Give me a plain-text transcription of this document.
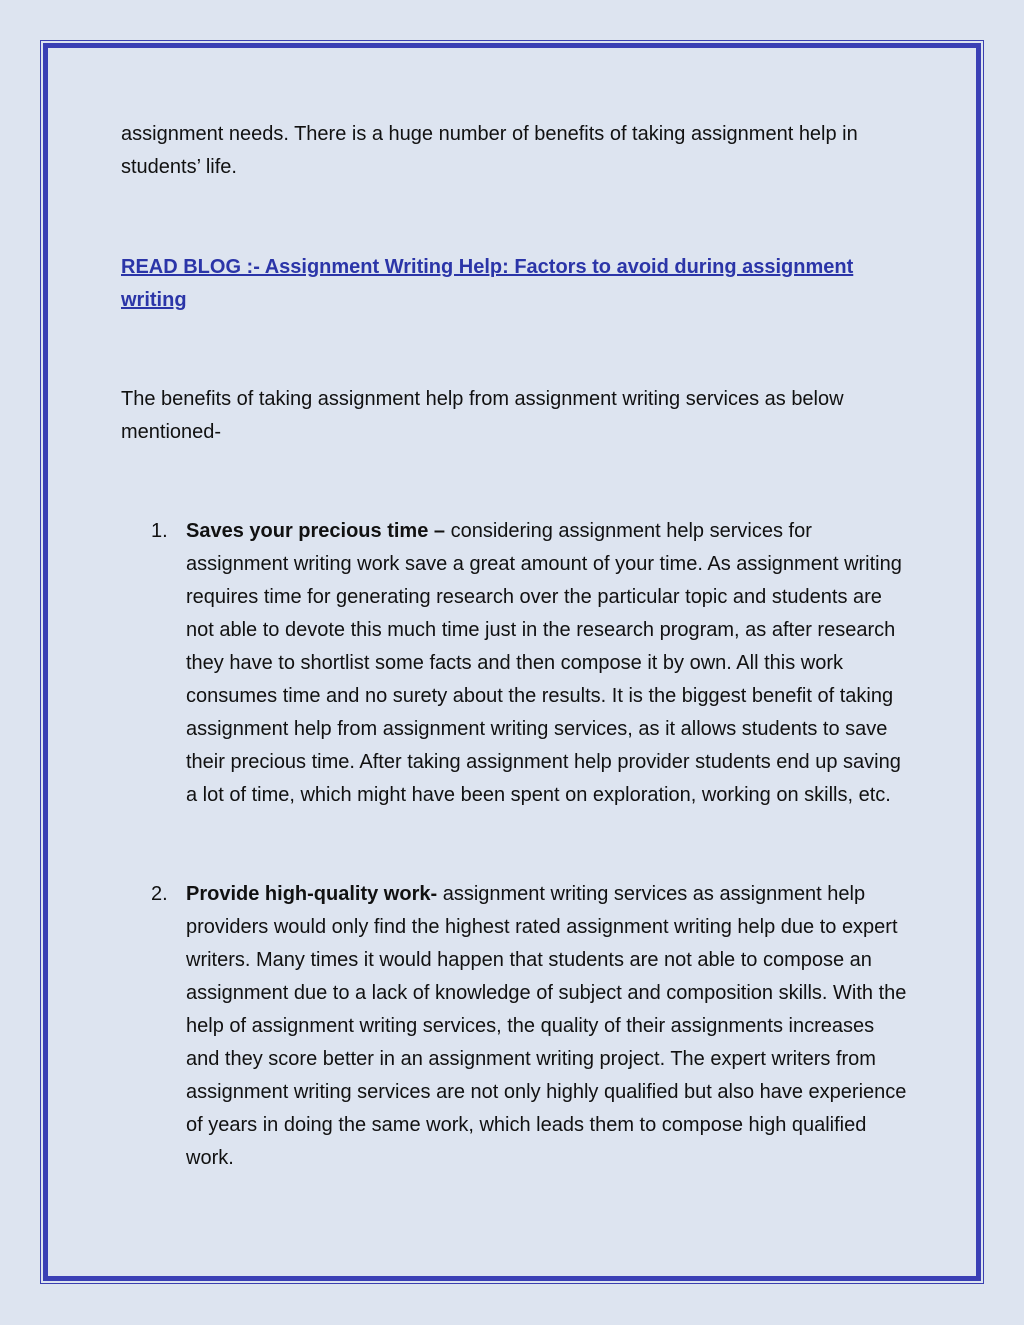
assignment needs. There is a huge number of benefits of taking assignment help in students’ life.

READ BLOG :- Assignment Writing Help: Factors to avoid during assignment writing

The benefits of taking assignment help from assignment writing services as below mentioned-

1. Saves your precious time – considering assignment help services for assignment writing work save a great amount of your time. As assignment writing requires time for generating research over the particular topic and students are not able to devote this much time just in the research program, as after research they have to shortlist some facts and then compose it by own. All this work consumes time and no surety about the results. It is the biggest benefit of taking assignment help from assignment writing services, as it allows students to save their precious time. After taking assignment help provider students end up saving a lot of time, which might have been spent on exploration, working on skills, etc.

2. Provide high-quality work- assignment writing services as assignment help providers would only find the highest rated assignment writing help due to expert writers. Many times it would happen that students are not able to compose an assignment due to a lack of knowledge of subject and composition skills. With the help of assignment writing services, the quality of their assignments increases and they score better in an assignment writing project. The expert writers from assignment writing services are not only highly qualified but also have experience of years in doing the same work, which leads them to compose high qualified work.
